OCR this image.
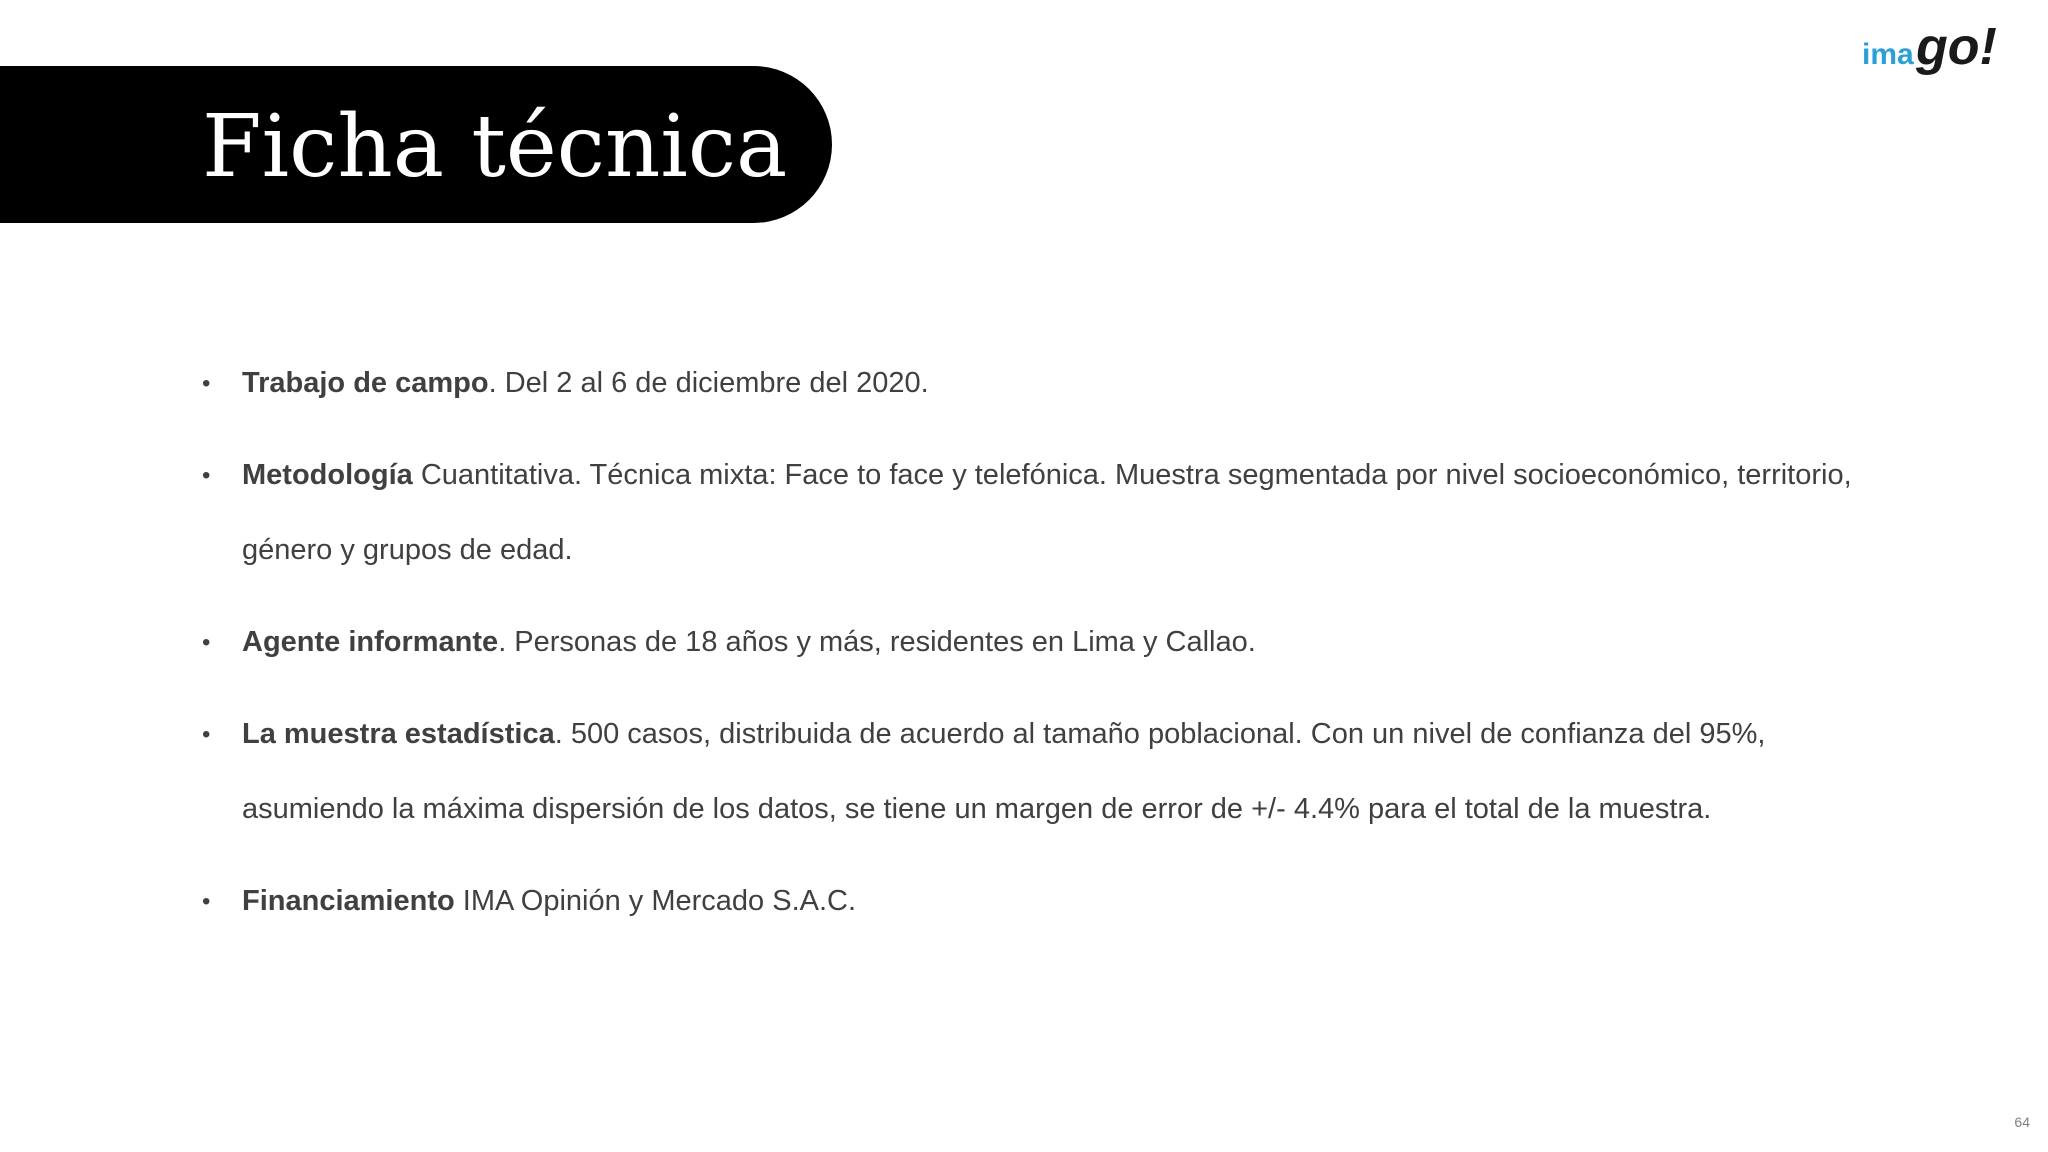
Ficha técnica
ima go!
• Trabajo de campo. Del 2 al 6 de diciembre del 2020.
• Metodología Cuantitativa. Técnica mixta: Face to face y telefónica. Muestra segmentada por nivel socioeconómico, territorio, género y grupos de edad.
• Agente informante. Personas de 18 años y más, residentes en Lima y Callao.
• La muestra estadística. 500 casos, distribuida de acuerdo al tamaño poblacional. Con un nivel de confianza del 95%, asumiendo la máxima dispersión de los datos, se tiene un margen de error de +/- 4.4% para el total de la muestra.
• Financiamiento IMA Opinión y Mercado S.A.C.
64
